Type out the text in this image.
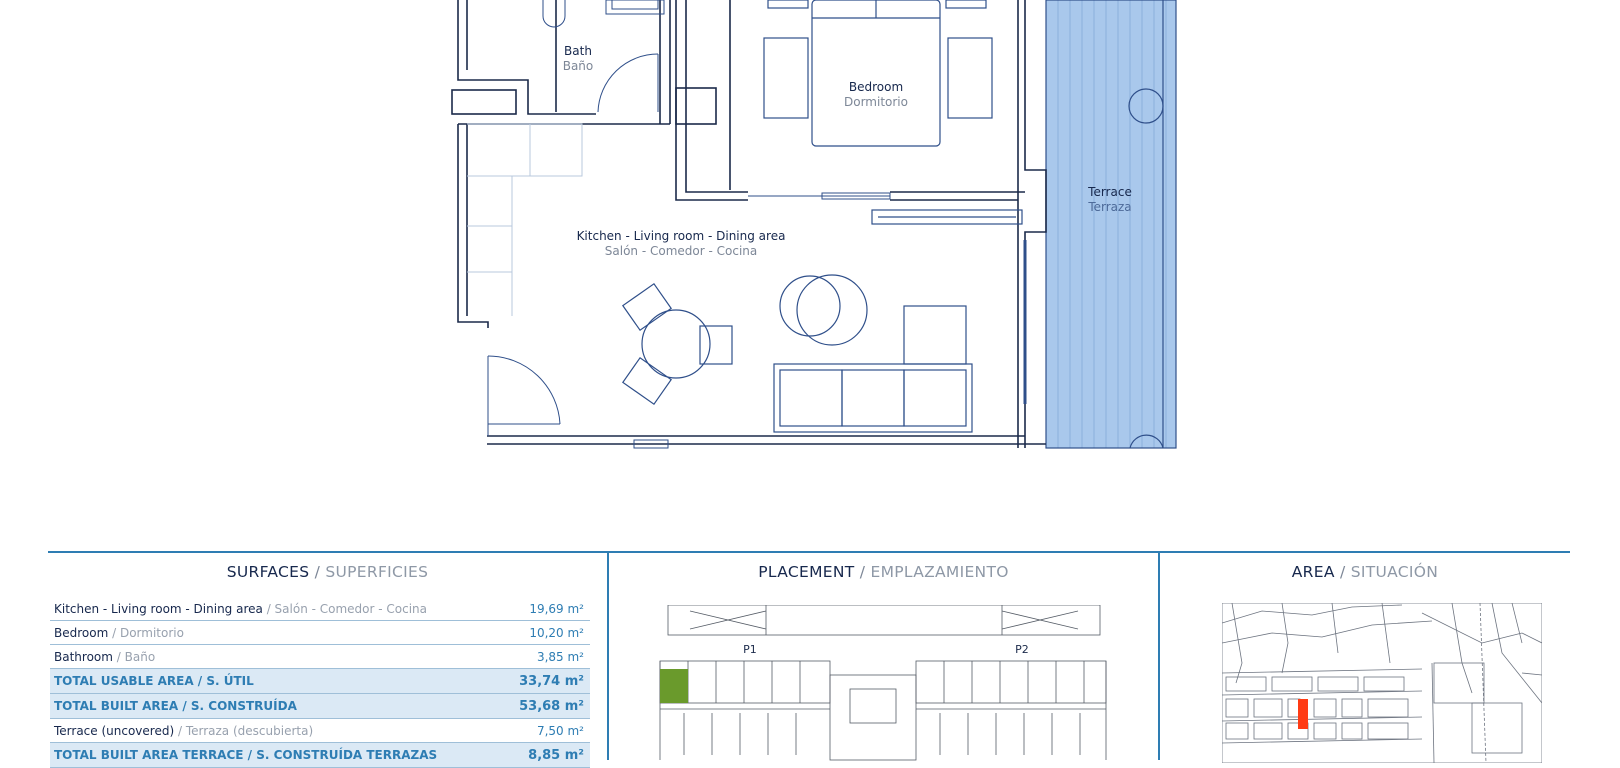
Bath
Baño
Bedroom
Dormitorio
Terrace
Terraza
Kitchen - Living room - Dining area
Salón - Comedor - Cocina
SURFACES / SUPERFICIES	PLACEMENT / EMPLAZAMIENTO	AREA / SITUACIÓN
Kitchen - Living room - Dining area / Salón - Comedor - Cocina	19,69 m²
Bedroom / Dormitorio	10,20 m²
Bathroom / Baño	3,85 m²
TOTAL USABLE AREA / S. ÚTIL	33,74 m²
TOTAL BUILT AREA / S. CONSTRUÍDA	53,68 m²
Terrace (uncovered) / Terraza (descubierta)	7,50 m²
TOTAL BUILT AREA TERRACE / S. CONSTRUÍDA TERRAZAS	8,85 m²
P1	P2
